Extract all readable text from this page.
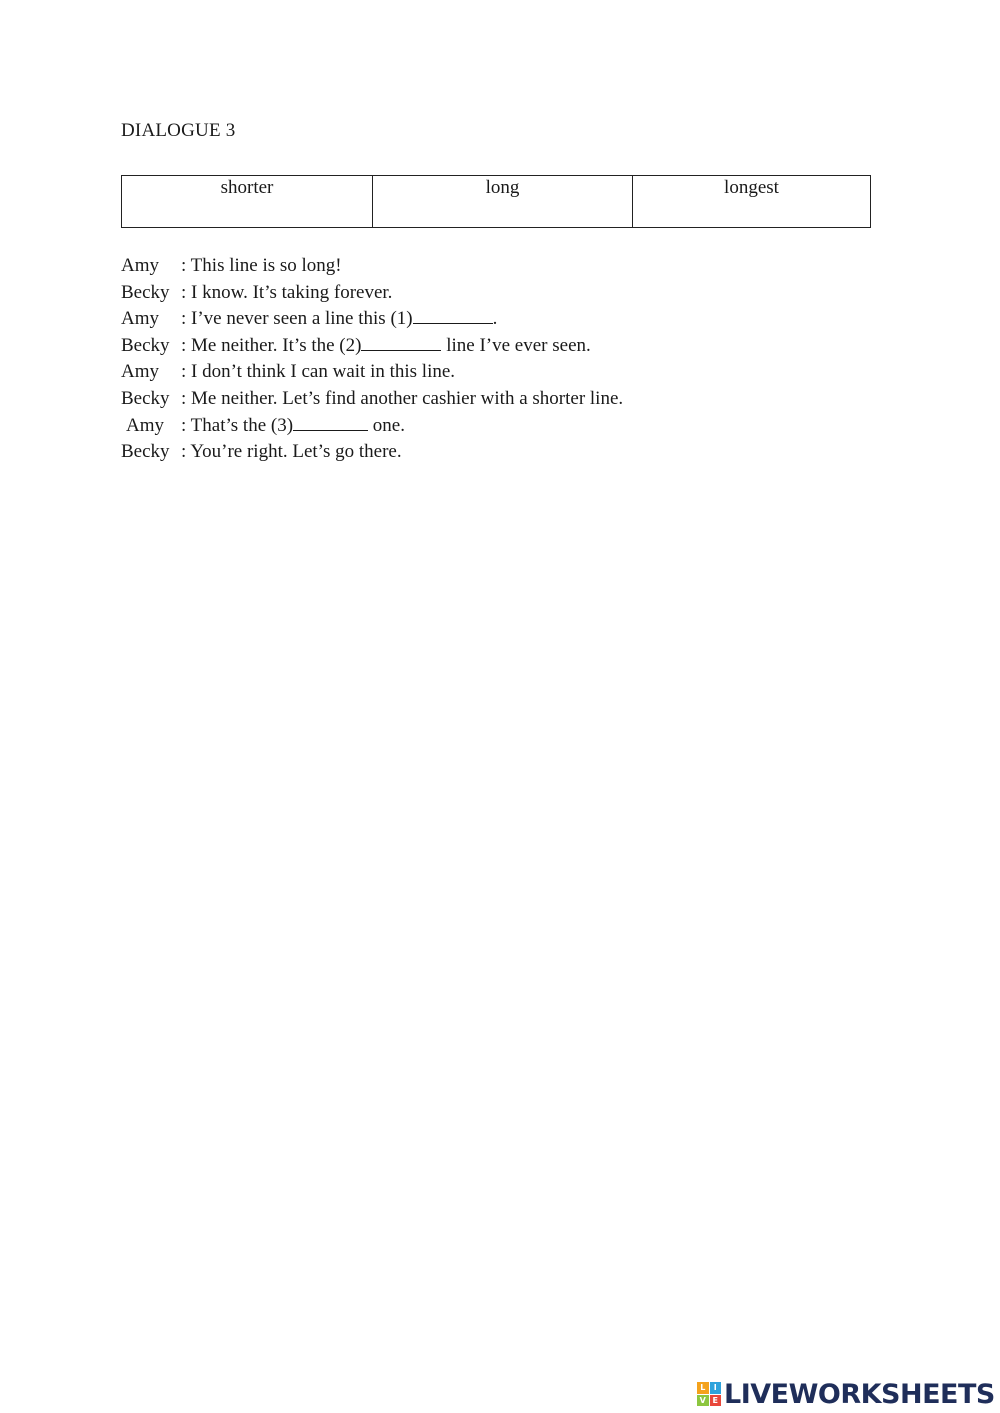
DIALOGUE 3
shorter	long	longest
Amy : This line is so long!
Becky : I know. It’s taking forever.
Amy : I’ve never seen a line this (1)	.
Becky : Me neither. It’s the (2)	line I’ve ever seen.
Amy : I don’t think I can wait in this line.
Becky : Me neither. Let’s find another cashier with a shorter line.
Amy : That’s the (3)	one.
Becky : You’re right. Let’s go there.
L	I
V E LIVEWORKSHEETS
